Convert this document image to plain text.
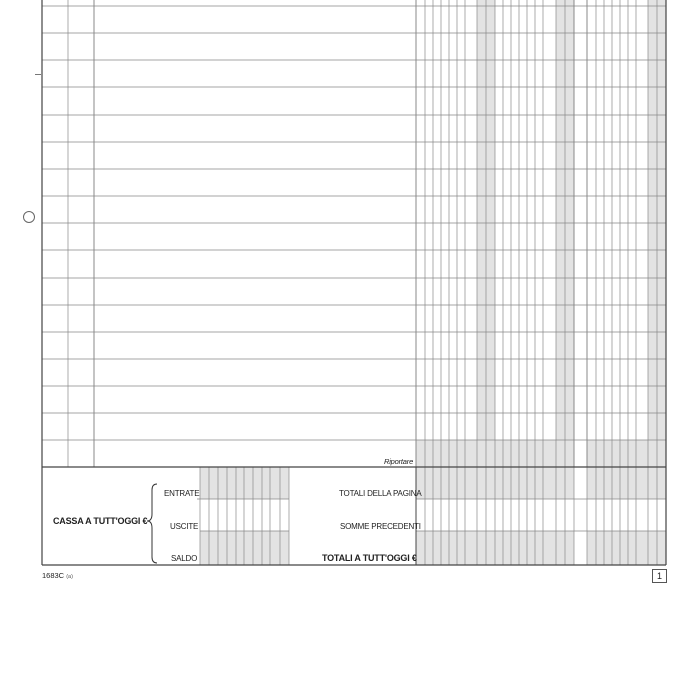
Riportare
CASSA A TUTT'OGGI €
ENTRATE
USCITE
SALDO
TOTALI DELLA PAGINA
SOMME PRECEDENTI
TOTALI A TUTT'OGGI €
1683C (a)	1
